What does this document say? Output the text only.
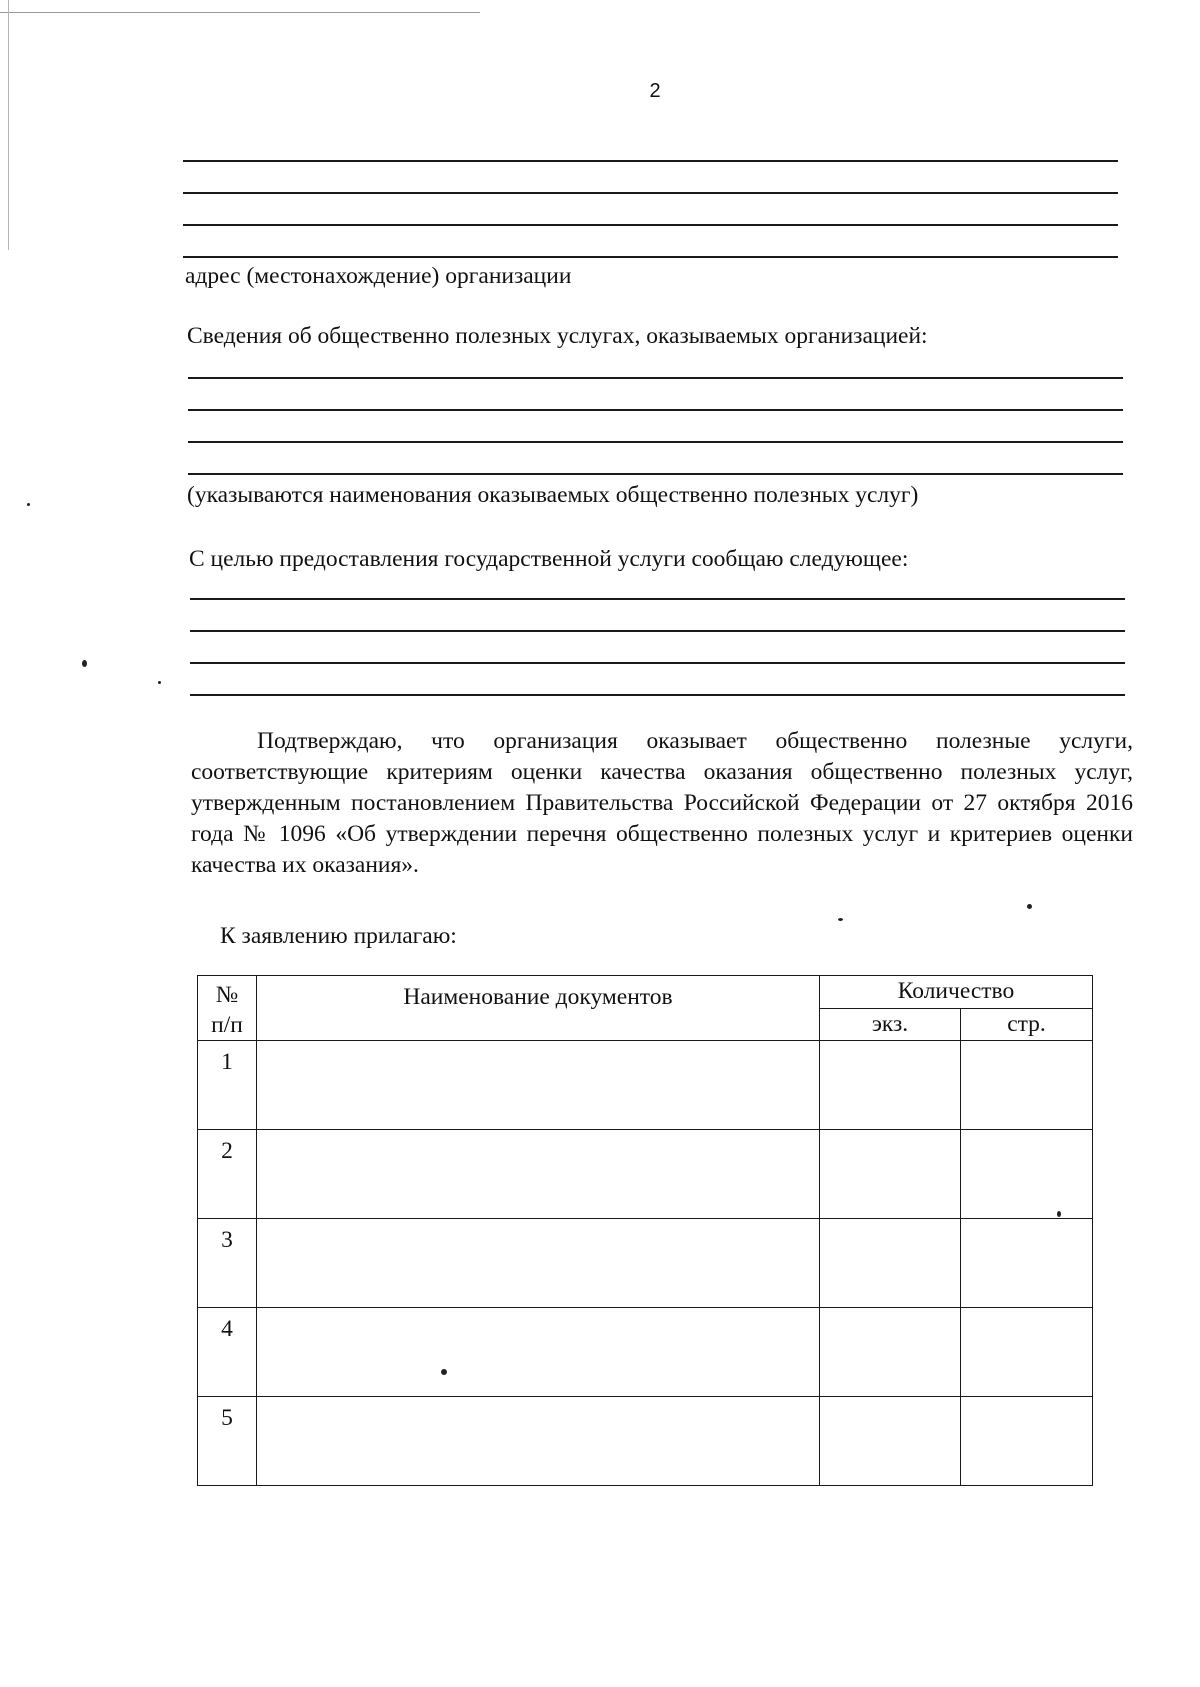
2
адрес (местонахождение) организации
Сведения об общественно полезных услугах, оказываемых организацией:
(указываются наименования оказываемых общественно полезных услуг)
С целью предоставления государственной услуги сообщаю следующее:
Подтверждаю, что организация оказывает общественно полезные услуги, соответствующие критериям оценки качества оказания общественно полезных услуг, утвержденным постановлением Правительства Российской Федерации от 27 октября 2016 года № 1096 «Об утверждении перечня общественно полезных услуг и критериев оценки качества их оказания».
К заявлению прилагаю:
№
п/п	Наименование документов	Количество	
		экз.	стр.
1			
2			
3			
4			
5			
